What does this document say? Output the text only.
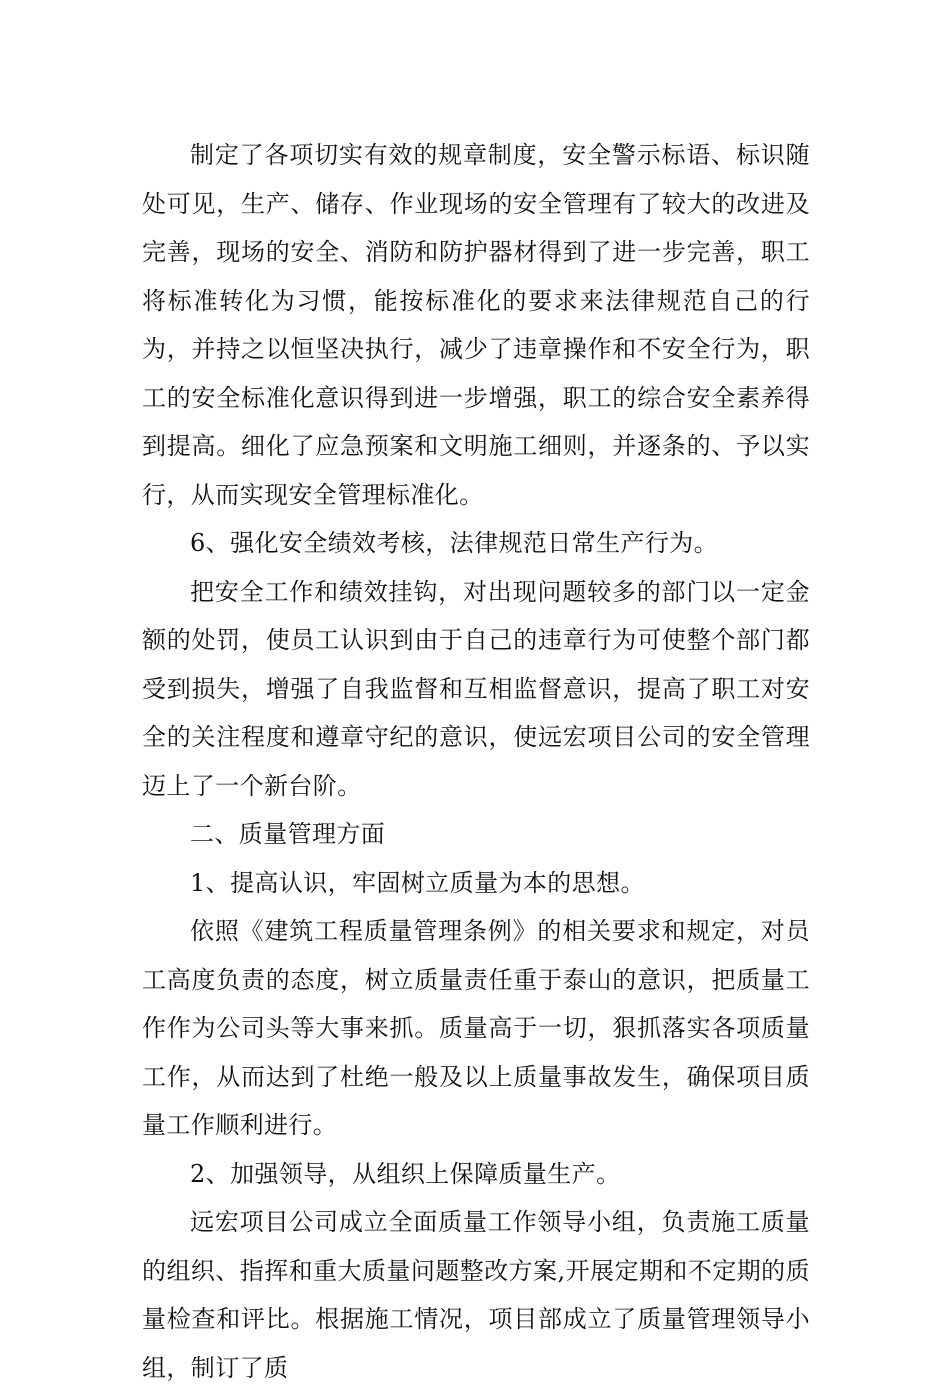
制定了各项切实有效的规章制度，安全警示标语、标识随处可见，生产、储存、作业现场的安全管理有了较大的改进及完善，现场的安全、消防和防护器材得到了进一步完善，职工将标准转化为习惯，能按标准化的要求来法律规范自己的行为，并持之以恒坚决执行，减少了违章操作和不安全行为，职工的安全标准化意识得到进一步增强，职工的综合安全素养得到提高。细化了应急预案和文明施工细则，并逐条的、予以实行，从而实现安全管理标准化。

6、强化安全绩效考核，法律规范日常生产行为。

把安全工作和绩效挂钩，对出现问题较多的部门以一定金额的处罚，使员工认识到由于自己的违章行为可使整个部门都受到损失，增强了自我监督和互相监督意识，提高了职工对安全的关注程度和遵章守纪的意识，使远宏项目公司的安全管理迈上了一个新台阶。

二、质量管理方面

1、提高认识，牢固树立质量为本的思想。

依照《建筑工程质量管理条例》的相关要求和规定，对员工高度负责的态度，树立质量责任重于泰山的意识，把质量工作作为公司头等大事来抓。质量高于一切，狠抓落实各项质量工作，从而达到了杜绝一般及以上质量事故发生，确保项目质量工作顺利进行。

2、加强领导，从组织上保障质量生产。

远宏项目公司成立全面质量工作领导小组，负责施工质量的组织、指挥和重大质量问题整改方案,开展定期和不定期的质量检查和评比。根据施工情况，项目部成立了质量管理领导小组，制订了质
